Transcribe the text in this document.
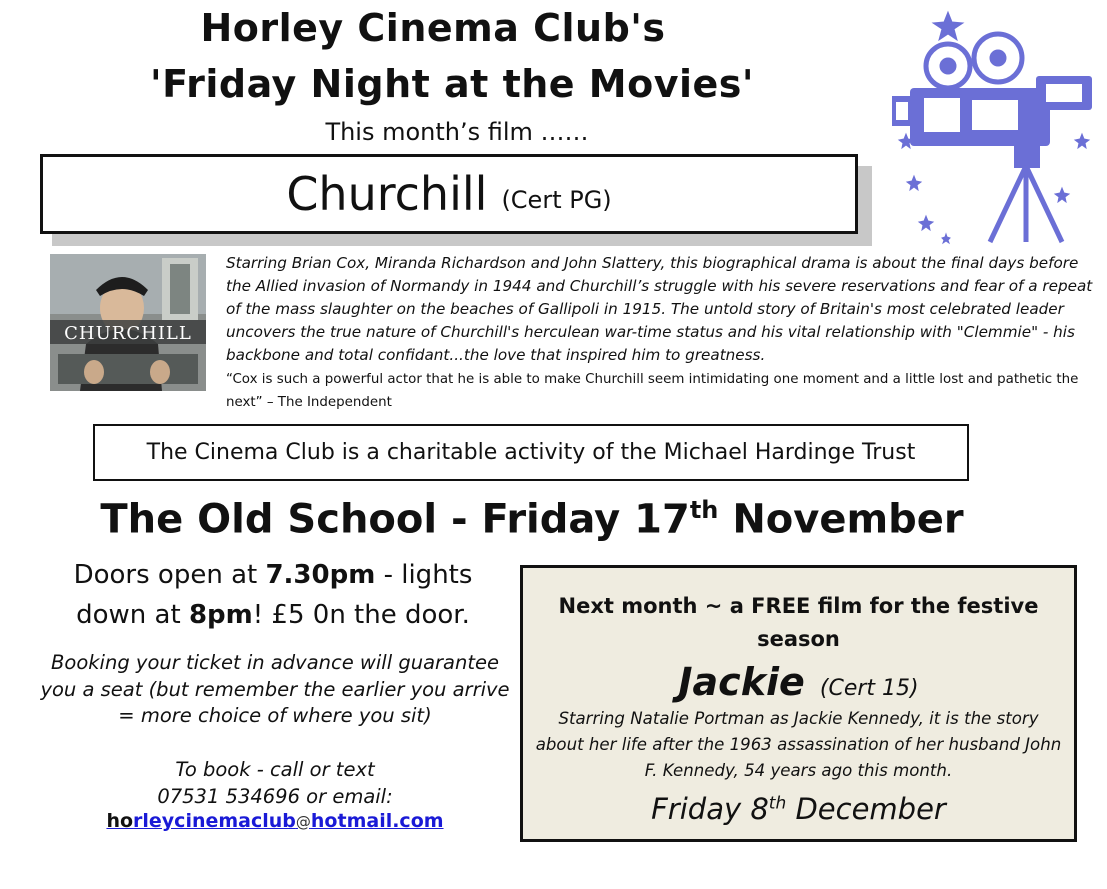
Horley Cinema Club's
'Friday Night at the Movies'
This month’s film ……
Churchill (Cert PG)
CHURCHILL
Starring Brian Cox, Miranda Richardson and John Slattery, this biographical drama is about the final days before the Allied invasion of Normandy in 1944 and Churchill’s struggle with his severe reservations and fear of a repeat of the mass slaughter on the beaches of Gallipoli in 1915. The untold story of Britain's most celebrated leader uncovers the true nature of Churchill's herculean war-time status and his vital relationship with "Clemmie" - his backbone and total confidant...the love that inspired him to greatness.
“Cox is such a powerful actor that he is able to make Churchill seem intimidating one moment and a little lost and pathetic the next” – The Independent
The Cinema Club is a charitable activity of the Michael Hardinge Trust
The Old School - Friday 17th November
Doors open at 7.30pm - lights down at 8pm! £5 0n the door.
Booking your ticket in advance will guarantee you a seat (but remember the earlier you arrive = more choice of where you sit)
To book - call or text
07531 534696 or email:
horleycinemaclub@hotmail.com
Next month ~ a FREE film for the festive season
Jackie (Cert 15)
Starring Natalie Portman as Jackie Kennedy, it is the story about her life after the 1963 assassination of her husband John F. Kennedy, 54 years ago this month.
Friday 8th December
